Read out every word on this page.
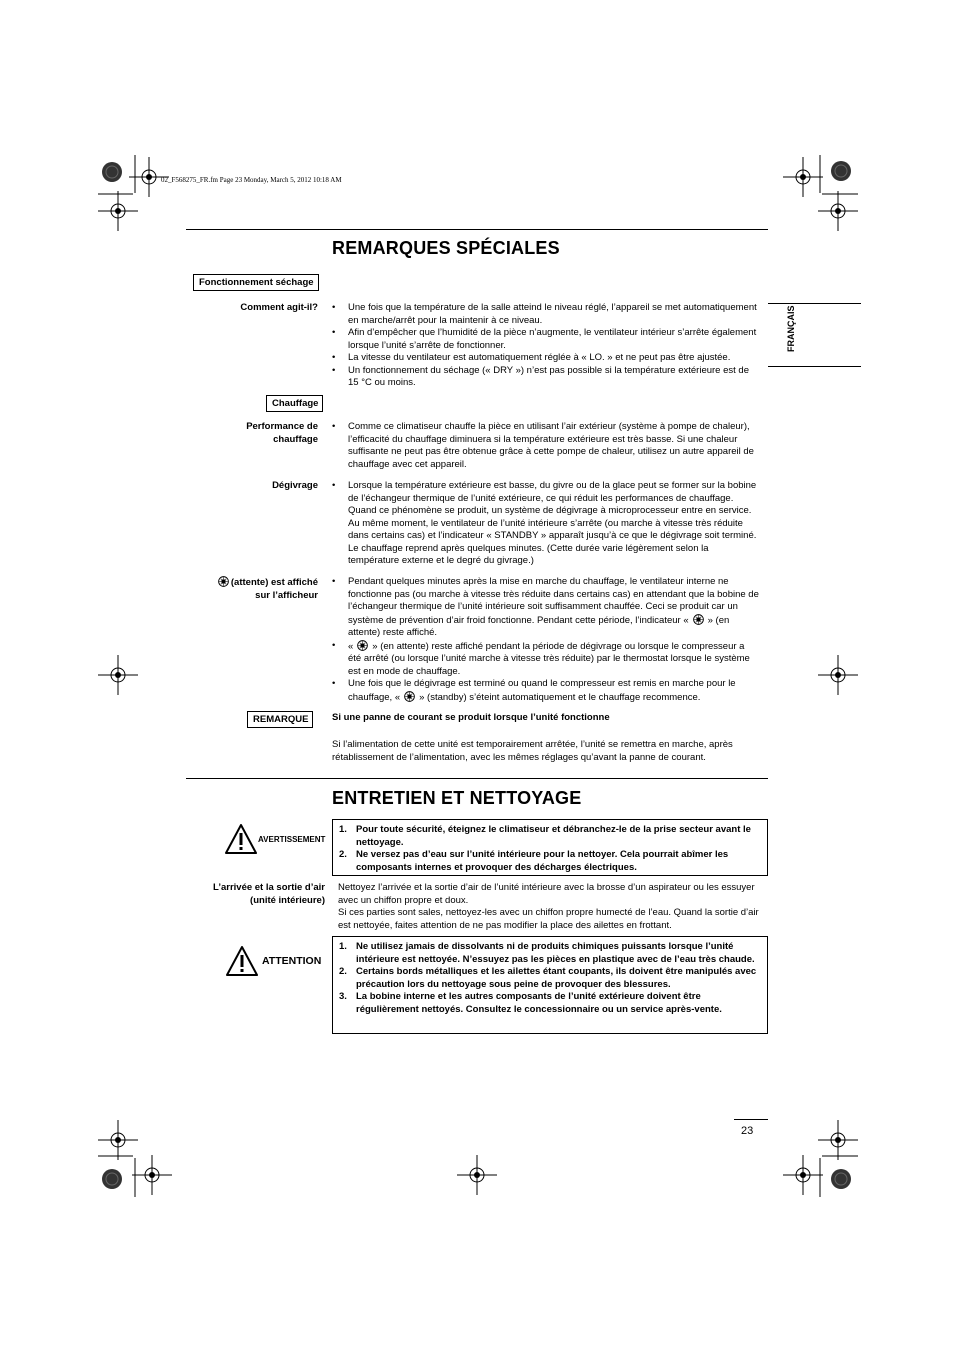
02_F568275_FR.fm Page 23 Monday, March 5, 2012 10:18 AM
FRANÇAIS
REMARQUES SPÉCIALES
Fonctionnement séchage
Comment agit-il?	• Une fois que la température de la salle atteind le niveau réglé, l’appareil se met automatiquement en marche/arrêt pour la maintenir à ce niveau.
• Afin d’empêcher que l’humidité de la pièce n’augmente, le ventilateur intérieur s’arrête également lorsque l’unité s’arrête de fonctionner.
• La vitesse du ventilateur est automatiquement réglée à « LO. » et ne peut pas être ajustée.
• Un fonctionnement du séchage (« DRY ») n’est pas possible si la température extérieure est de 15 °C ou moins.
Chauffage
Performance de chauffage
• Comme ce climatiseur chauffe la pièce en utilisant l’air extérieur (système à pompe de chaleur), l’efficacité du chauffage diminuera si la température extérieure est très basse. Si une chaleur suffisante ne peut pas être obtenue grâce à cette pompe de chaleur, utilisez un autre appareil de chauffage avec cet appareil.
Dégivrage	• Lorsque la température extérieure est basse, du givre ou de la glace peut se former sur la bobine de l’échangeur thermique de l’unité extérieure, ce qui réduit les performances de chauffage. Quand ce phénomène se produit, un système de dégivrage à microprocesseur entre en service. Au même moment, le ventilateur de l’unité intérieure s’arrête (ou marche à vitesse très réduite dans certains cas) et l’indicateur « STANDBY » apparaît jusqu’à ce que le dégivrage soit terminé. Le chauffage reprend après quelques minutes. (Cette durée varie légèrement selon la température externe et le degré du givrage.)
(attente) est affiché
sur l’afficheur
• Pendant quelques minutes après la mise en marche du chauffage, le ventilateur interne ne fonctionne pas (ou marche à vitesse très réduite dans certains cas) en attendant que la bobine de l’échangeur thermique de l’unité intérieure soit suffisamment chauffée. Ceci se produit car un système de prévention d’air froid fonctionne. Pendant cette période, l’indicateur « » (en attente) reste affiché.
• « » (en attente) reste affiché pendant la période de dégivrage ou lorsque le compresseur a été arrêté (ou lorsque l’unité marche à vitesse très réduite) par le thermostat lorsque le système est en mode de chauffage.
• Une fois que le dégivrage est terminé ou quand le compresseur est remis en marche pour le chauffage, « » (standby) s’éteint automatiquement et le chauffage recommence.
REMARQUE	Si une panne de courant se produit lorsque l’unité fonctionne
Si l’alimentation de cette unité est temporairement arrêtée, l’unité se remettra en marche, après rétablissement de l’alimentation, avec les mêmes réglages qu’avant la panne de courant.
ENTRETIEN ET NETTOYAGE
AVERTISSEMENT
1. Pour toute sécurité, éteignez le climatiseur et débranchez-le de la prise secteur avant le nettoyage.
2. Ne versez pas d’eau sur l’unité intérieure pour la nettoyer. Cela pourrait abîmer les composants internes et provoquer des décharges électriques.
L’arrivée et la sortie d’air
(unité intérieure)
Nettoyez l’arrivée et la sortie d’air de l’unité intérieure avec la brosse d’un aspirateur ou les essuyer avec un chiffon propre et doux.
Si ces parties sont sales, nettoyez-les avec un chiffon propre humecté de l’eau. Quand la sortie d’air est nettoyée, faites attention de ne pas modifier la place des ailettes en frottant.
ATTENTION
1. Ne utilisez jamais de dissolvants ni de produits chimiques puissants lorsque l’unité intérieure est nettoyée. N’essuyez pas les pièces en plastique avec de l’eau très chaude.
2. Certains bords métalliques et les ailettes étant coupants, ils doivent être manipulés avec précaution lors du nettoyage sous peine de provoquer des blessures.
3. La bobine interne et les autres composants de l’unité extérieure doivent être régulièrement nettoyés. Consultez le concessionnaire ou un service après-vente.
23
